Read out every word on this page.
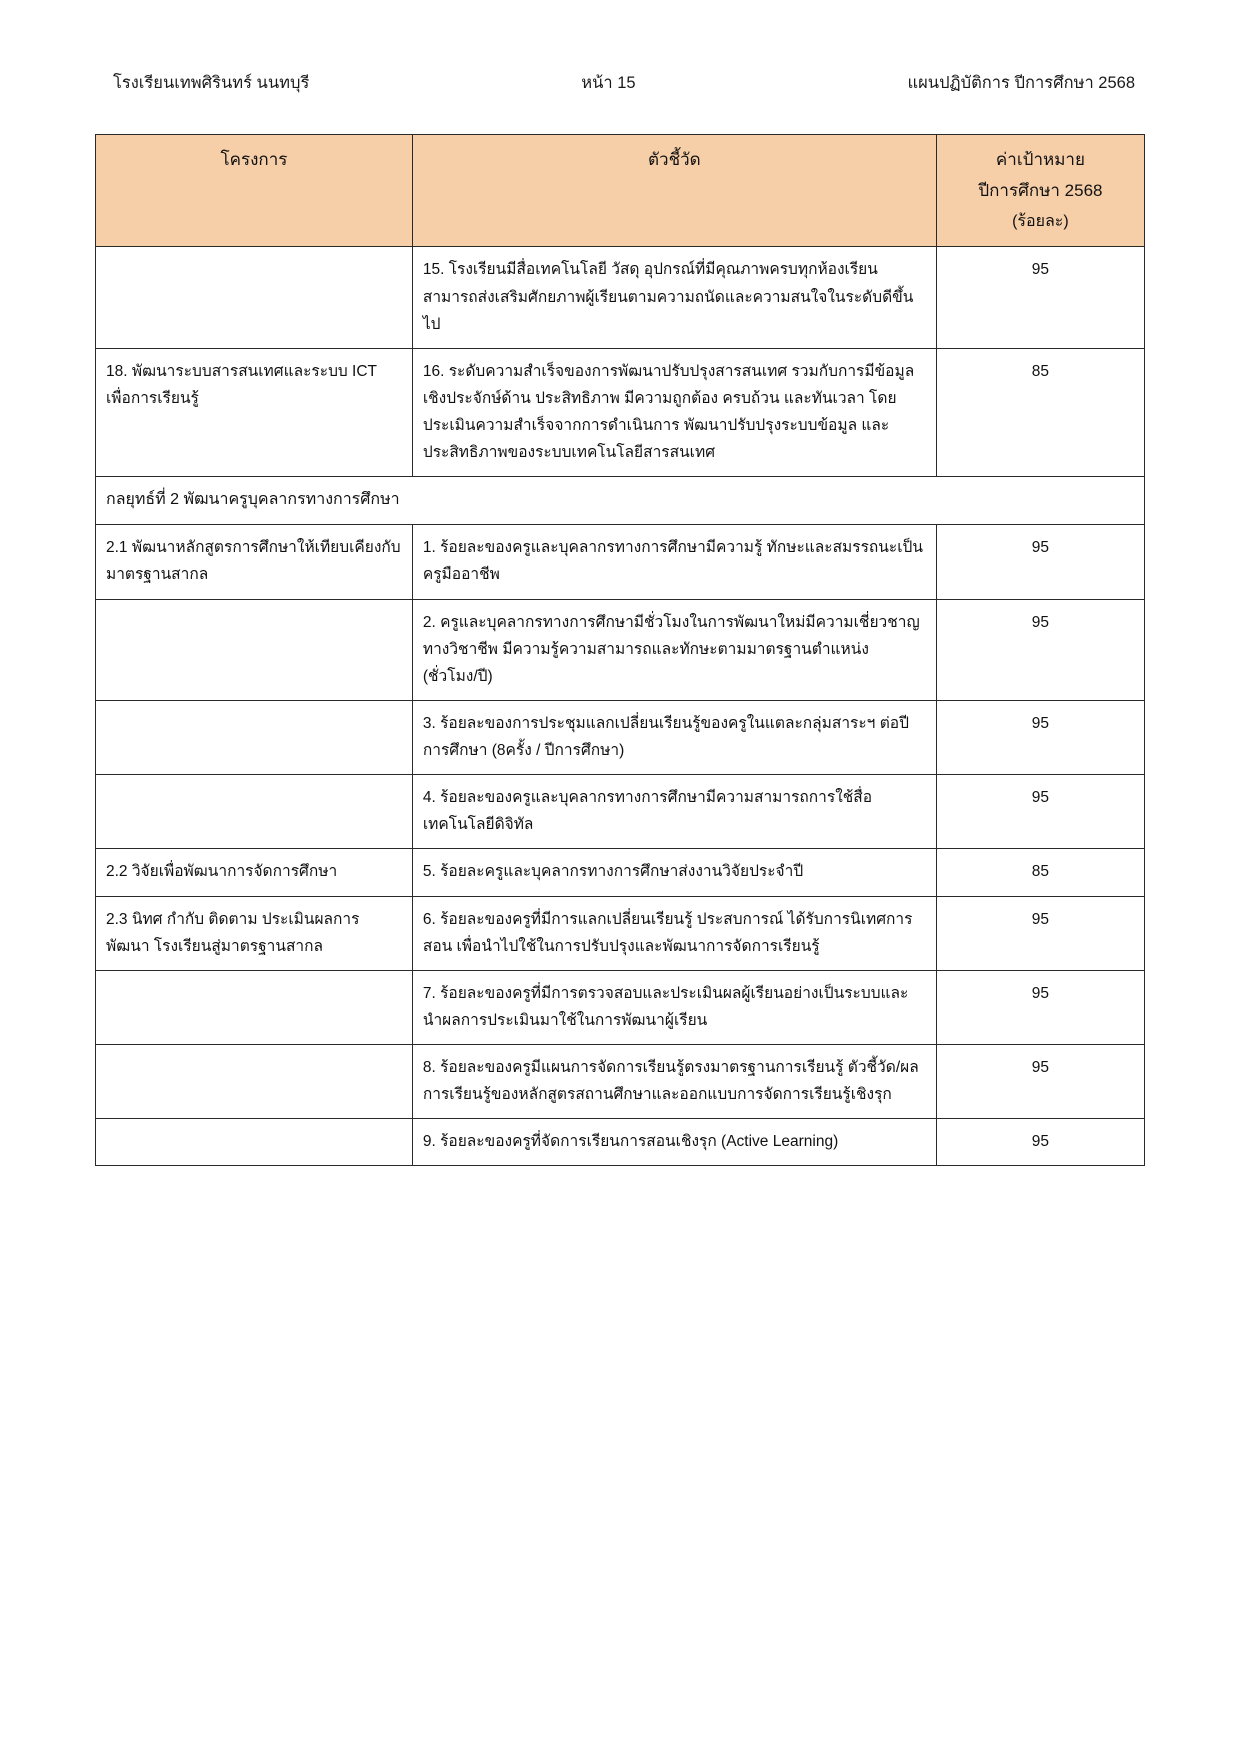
โรงเรียนเทพศิรินทร์ นนทบุรี	หน้า 15	แผนปฏิบัติการ ปีการศึกษา 2568
โครงการ	ตัวชี้วัด	ค่าเป้าหมาย
ปีการศึกษา 2568
(ร้อยละ)

	15. โรงเรียนมีสื่อเทคโนโลยี วัสดุ อุปกรณ์ที่มีคุณภาพครบทุกห้องเรียนสามารถส่งเสริมศักยภาพผู้เรียนตามความถนัดและความสนใจในระดับดีขึ้นไป	95
18. พัฒนาระบบสารสนเทศและระบบ ICT เพื่อการเรียนรู้	16. ระดับความสำเร็จของการพัฒนาปรับปรุงสารสนเทศ รวมกับการมีข้อมูลเชิงประจักษ์ด้าน ประสิทธิภาพ มีความถูกต้อง ครบถ้วน และทันเวลา โดยประเมินความสำเร็จจากการดำเนินการ พัฒนาปรับปรุงระบบข้อมูล และประสิทธิภาพของระบบเทคโนโลยีสารสนเทศ	85
กลยุทธ์ที่ 2 พัฒนาครูบุคลากรทางการศึกษา		
2.1 พัฒนาหลักสูตรการศึกษาให้เทียบเคียงกับมาตรฐานสากล	1. ร้อยละของครูและบุคลากรทางการศึกษามีความรู้ ทักษะและสมรรถนะเป็นครูมืออาชีพ	95
	2. ครูและบุคลากรทางการศึกษามีชั่วโมงในการพัฒนาใหม่มีความเชี่ยวชาญทางวิชาชีพ มีความรู้ความสามารถและทักษะตามมาตรฐานตำแหน่ง (ชั่วโมง/ปี)	95
	3. ร้อยละของการประชุมแลกเปลี่ยนเรียนรู้ของครูในแตละกลุ่มสาระฯ ต่อปีการศึกษา (8ครั้ง / ปีการศึกษา)	95
	4. ร้อยละของครูและบุคลากรทางการศึกษามีความสามารถการใช้สื่อเทคโนโลยีดิจิทัล	95
2.2 วิจัยเพื่อพัฒนาการจัดการศึกษา	5. ร้อยละครูและบุคลากรทางการศึกษาส่งงานวิจัยประจำปี	85
2.3 นิทศ กำกับ ติดตาม ประเมินผลการพัฒนา โรงเรียนสู่มาตรฐานสากล	6. ร้อยละของครูที่มีการแลกเปลี่ยนเรียนรู้ ประสบการณ์ ได้รับการนิเทศการสอน เพื่อนำไปใช้ในการปรับปรุงและพัฒนาการจัดการเรียนรู้	95
	7. ร้อยละของครูที่มีการตรวจสอบและประเมินผลผู้เรียนอย่างเป็นระบบและนำผลการประเมินมาใช้ในการพัฒนาผู้เรียน	95
	8. ร้อยละของครูมีแผนการจัดการเรียนรู้ตรงมาตรฐานการเรียนรู้ ตัวชี้วัด/ผลการเรียนรู้ของหลักสูตรสถานศึกษาและออกแบบการจัดการเรียนรู้เชิงรุก	95
	9. ร้อยละของครูที่จัดการเรียนการสอนเชิงรุก (Active Learning)	95
